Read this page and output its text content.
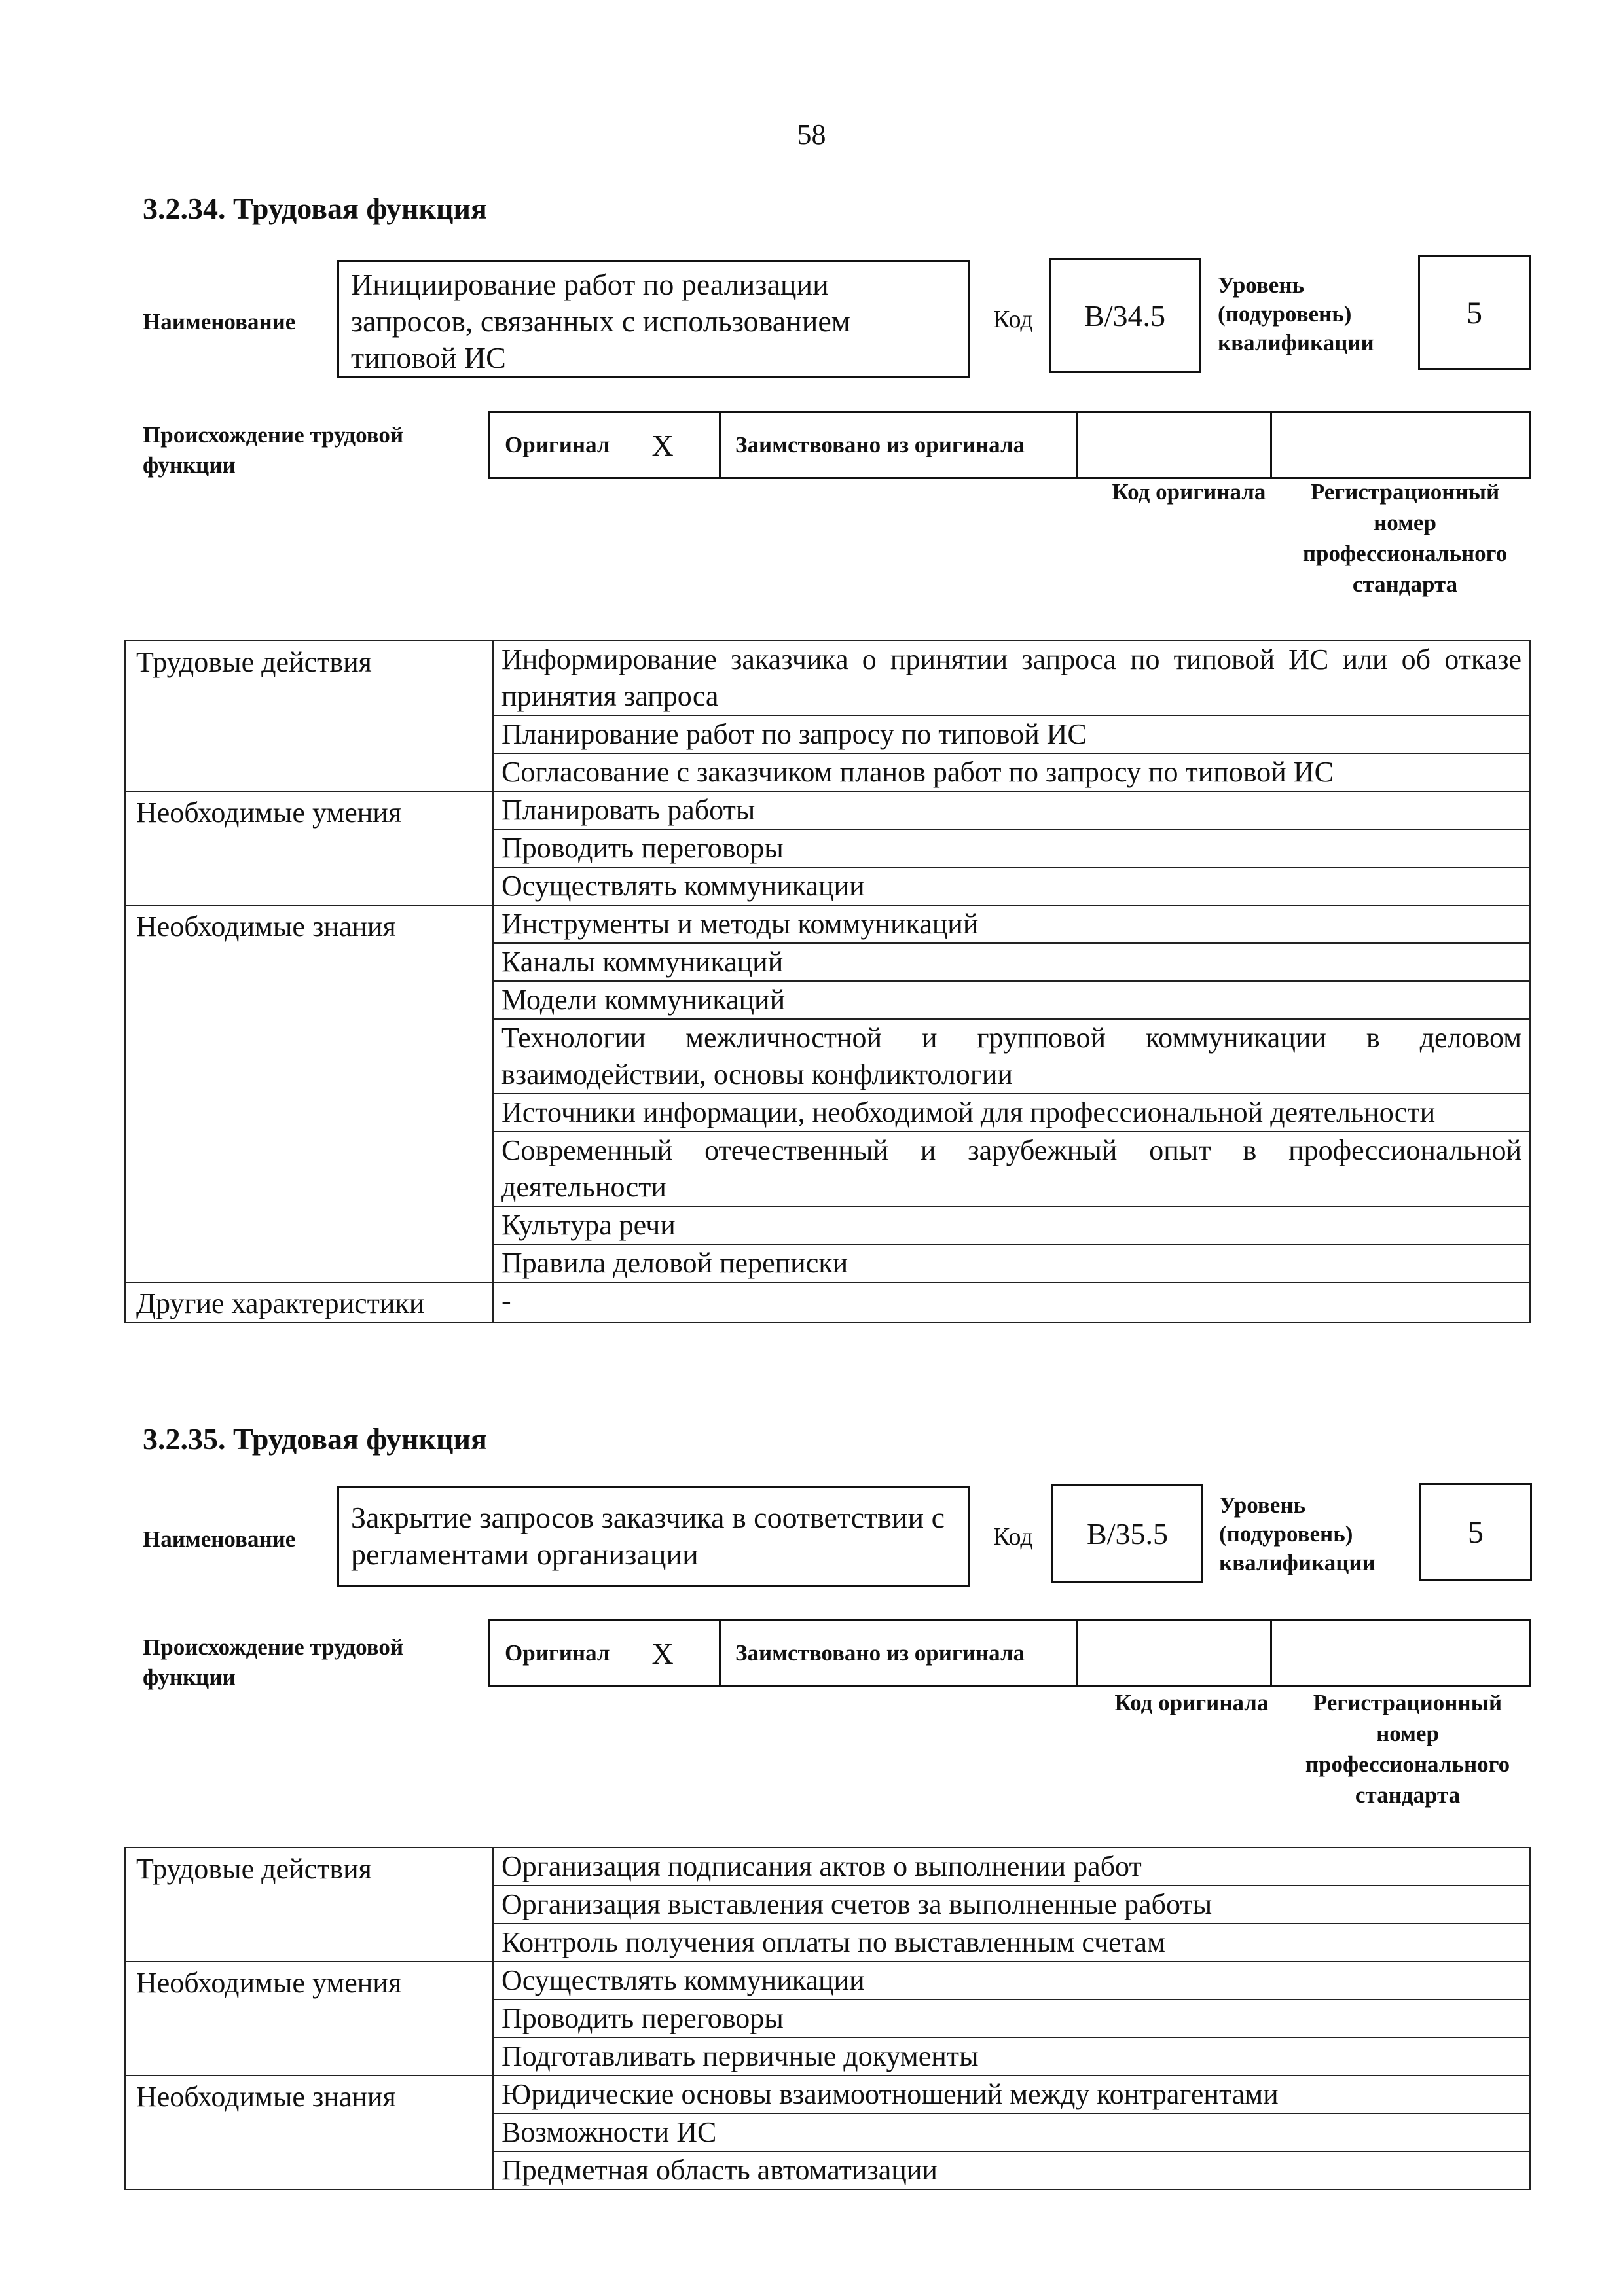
58
3.2.34. Трудовая функция
Наименование
Инициирование работ по реализации запросов, связанных с использованием типовой ИС
Код	B/34.5
Уровень (подуровень) квалификации
5
Происхождение трудовой функции
Оригинал X	Заимствовано из оригинала
Код оригинала	Регистрационный номер профессионального стандарта
Трудовые действия	Информирование заказчика о принятии запроса по типовой ИС или об отказе принятия запроса
	Планирование работ по запросу по типовой ИС
	Согласование с заказчиком планов работ по запросу по типовой ИС
Необходимые умения	Планировать работы
	Проводить переговоры
	Осуществлять коммуникации
Необходимые знания	Инструменты и методы коммуникаций
	Каналы коммуникаций
	Модели коммуникаций
	Технологии межличностной и групповой коммуникации в деловом взаимодействии, основы конфликтологии
	Источники информации, необходимой для профессиональной деятельности
	Современный отечественный и зарубежный опыт в профессиональной деятельности
	Культура речи
	Правила деловой переписки
Другие характеристики	-
3.2.35. Трудовая функция
Наименование
Закрытие запросов заказчика в соответствии с регламентами организации
Код	B/35.5
Уровень (подуровень) квалификации
5
Происхождение трудовой функции
Оригинал X	Заимствовано из оригинала
Код оригинала	Регистрационный номер профессионального стандарта
Трудовые действия	Организация подписания актов о выполнении работ
	Организация выставления счетов за выполненные работы
	Контроль получения оплаты по выставленным счетам
Необходимые умения	Осуществлять коммуникации
	Проводить переговоры
	Подготавливать первичные документы
Необходимые знания	Юридические основы взаимоотношений между контрагентами
	Возможности ИС
	Предметная область автоматизации
